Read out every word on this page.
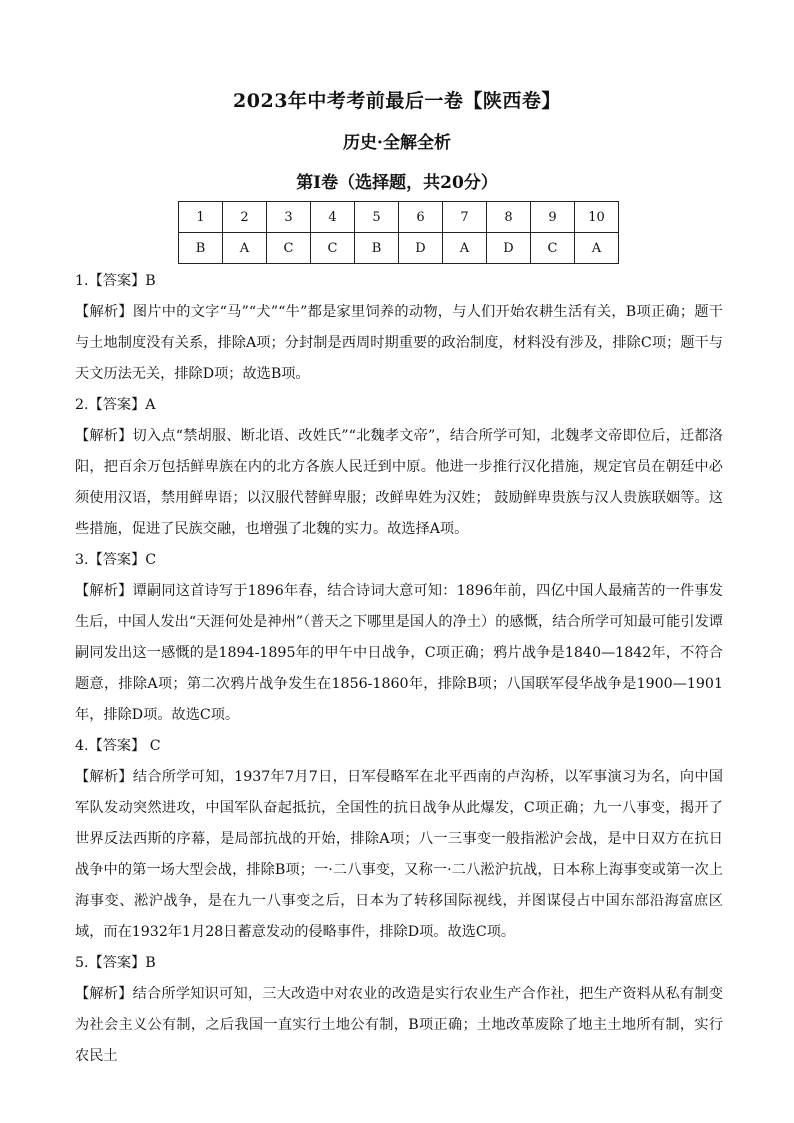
2023年中考考前最后一卷【陕西卷】
历史·全解全析
第Ⅰ卷（选择题，共20分）
1	2	3	4	5	6	7	8	9	10
B	A	C	C	B	D	A	D	C	A

1.【答案】B

【解析】图片中的文字“马”“犬”“牛”都是家里饲养的动物，与人们开始农耕生活有关，B项正确；题干与土地制度没有关系，排除A项；分封制是西周时期重要的政治制度，材料没有涉及，排除C项；题干与天文历法无关，排除D项；故选B项。

2.【答案】A

【解析】切入点“禁胡服、断北语、改姓氏”“北魏孝文帝”，结合所学可知，北魏孝文帝即位后，迁都洛阳，把百余万包括鲜卑族在内的北方各族人民迁到中原。他进一步推行汉化措施，规定官员在朝廷中必须使用汉语，禁用鲜卑语；以汉服代替鲜卑服；改鲜卑姓为汉姓； 鼓励鲜卑贵族与汉人贵族联姻等。这些措施，促进了民族交融，也增强了北魏的实力。故选择A项。

3.【答案】C

【解析】谭嗣同这首诗写于1896年春，结合诗词大意可知：1896年前，四亿中国人最痛苦的一件事发生后，中国人发出“天涯何处是神州”（普天之下哪里是国人的净土）的感慨，结合所学可知最可能引发谭嗣同发出这一感慨的是1894-1895年的甲午中日战争，C项正确；鸦片战争是1840—1842年，不符合题意，排除A项；第二次鸦片战争发生在1856-1860年，排除B项；八国联军侵华战争是1900—1901年，排除D项。故选C项。

4.【答案】 C

【解析】结合所学可知，1937年7月7日，日军侵略军在北平西南的卢沟桥，以军事演习为名，向中国军队发动突然进攻，中国军队奋起抵抗，全国性的抗日战争从此爆发，C项正确；九一八事变，揭开了世界反法西斯的序幕，是局部抗战的开始，排除A项；八一三事变一般指淞沪会战，是中日双方在抗日战争中的第一场大型会战，排除B项；一·二八事变，又称一·二八淞沪抗战，日本称上海事变或第一次上海事变、淞沪战争，是在九一八事变之后，日本为了转移国际视线，并图谋侵占中国东部沿海富庶区域，而在1932年1月28日蓄意发动的侵略事件，排除D项。故选C项。

5.【答案】B

【解析】结合所学知识可知，三大改造中对农业的改造是实行农业生产合作社，把生产资料从私有制变为社会主义公有制，之后我国一直实行土地公有制，B项正确；土地改革废除了地主土地所有制，实行农民土
